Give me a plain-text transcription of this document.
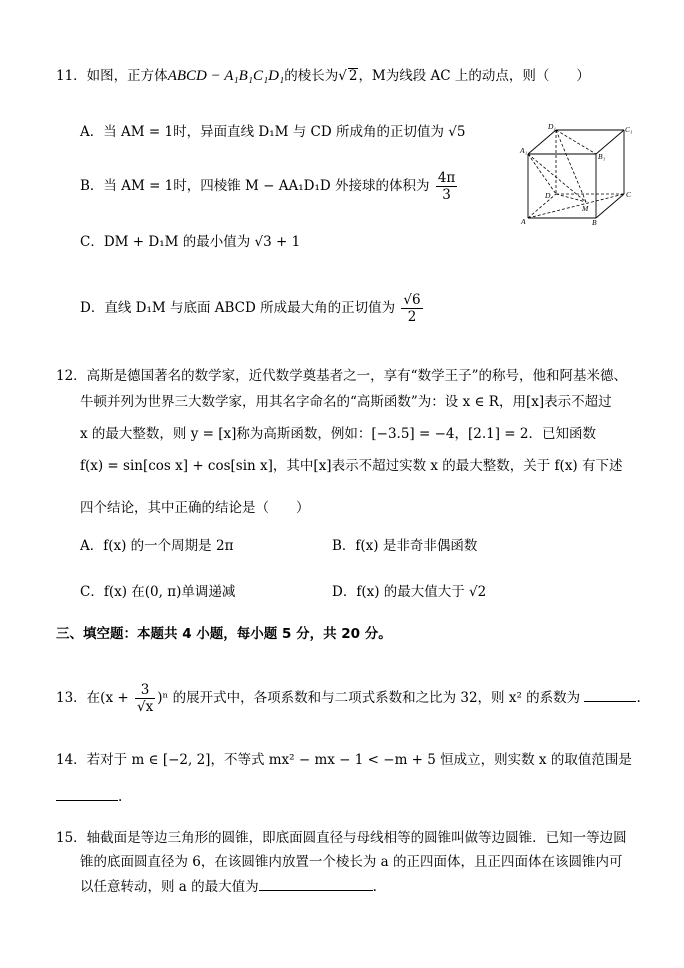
11．如图，正方体ABCD − A₁B₁C₁D₁的棱长为√ 2，M为线段 AC 上的动点，则（　　）
A．当 AM = 1时，异面直线 D₁M 与 CD 所成角的正切值为 √5
B．当 AM = 1时，四棱锥 M − AA₁D₁D 外接球的体积为 $\frac{4\pi}{3}$
C．DM + D₁M 的最小值为 √3 + 1
D．直线 D₁M 与底面 ABCD 所成最大角的正切值为 $\frac{√6}{2}$
D₁	C₁
A₁
B₁
D	C
A	B
M
12．高斯是德国著名的数学家，近代数学奠基者之一，享有“数学王子”的称号，他和阿基米德、
牛顿并列为世界三大数学家，用其名字命名的“高斯函数”为：设 x ∈ R，用[x]表示不超过
x 的最大整数，则 y = [x]称为高斯函数，例如：[−3.5] = −4，[2.1] = 2．已知函数
f(x) = sin[cos x] + cos[sin x]，其中[x]表示不超过实数 x 的最大整数，关于 f(x) 有下述
四个结论，其中正确的结论是（　　）
A．f(x) 的一个周期是 2π	B．f(x) 是非奇非偶函数
C．f(x) 在(0, π)单调递减	D．f(x) 的最大值大于 √2
三、填空题：本题共 4 小题，每小题 5 分，共 20 分。
13．在$(x + \frac{3}{√x} )^n$ 的展开式中，各项系数和与二项式系数和之比为 32，则 x² 的系数为	.
14．若对于 m ∈ [−2, 2]，不等式 mx² − mx − 1 < −m + 5 恒成立，则实数 x 的取值范围是
.
15．轴截面是等边三角形的圆锥，即底面圆直径与母线相等的圆锥叫做等边圆锥．已知一等边圆
锥的底面圆直径为 6，在该圆锥内放置一个棱长为 a 的正四面体，且正四面体在该圆锥内可
以任意转动，则 a 的最大值为	.
